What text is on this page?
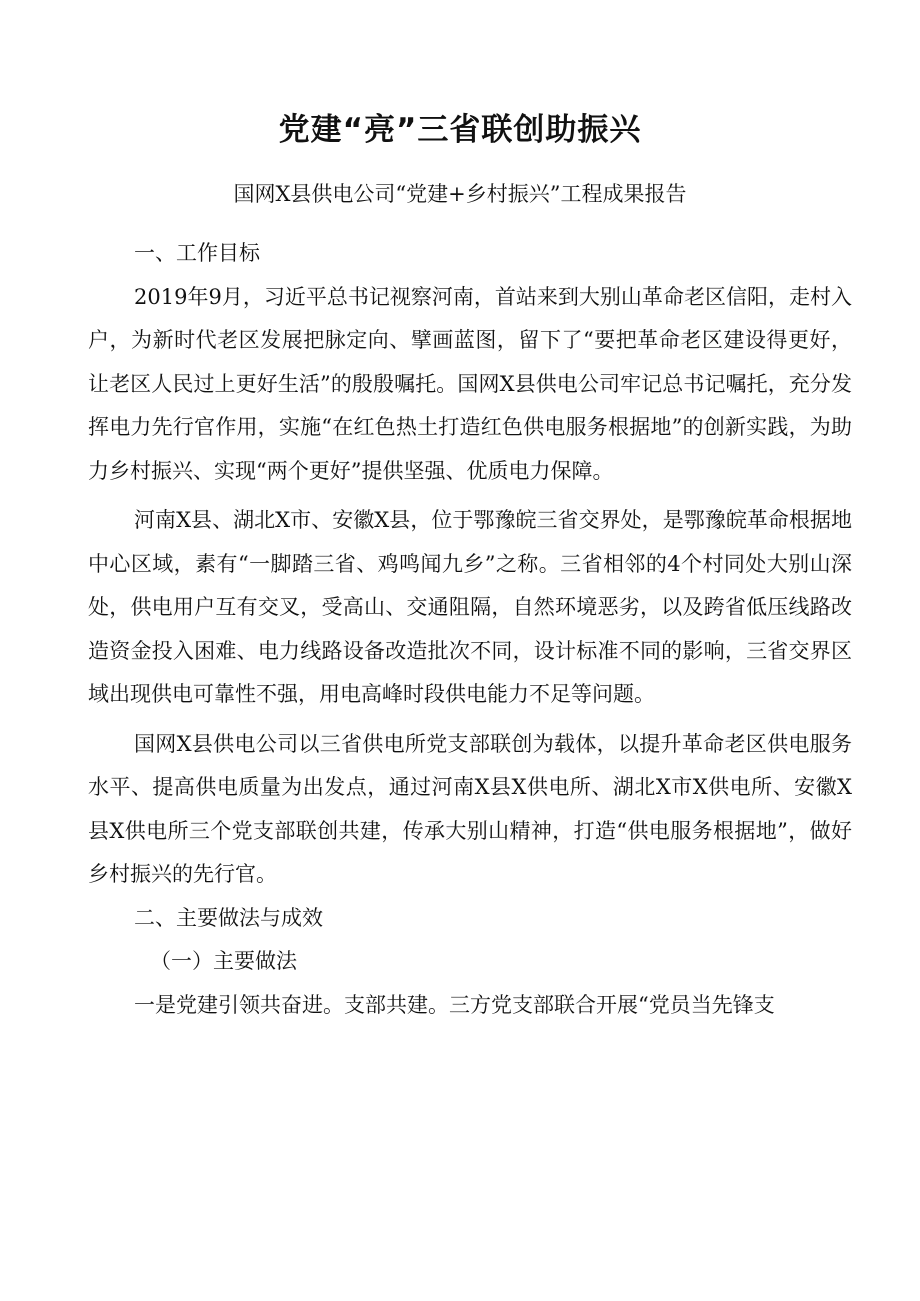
党建“亮”三省联创助振兴
国网X县供电公司“党建+乡村振兴”工程成果报告

一、工作目标

2019年9月，习近平总书记视察河南，首站来到大别山革命老区信阳，走村入户，为新时代老区发展把脉定向、擘画蓝图，留下了“要把革命老区建设得更好，让老区人民过上更好生活”的殷殷嘱托。国网X县供电公司牢记总书记嘱托，充分发挥电力先行官作用，实施“在红色热土打造红色供电服务根据地”的创新实践，为助力乡村振兴、实现“两个更好”提供坚强、优质电力保障。

河南X县、湖北X市、安徽X县，位于鄂豫皖三省交界处，是鄂豫皖革命根据地中心区域，素有“一脚踏三省、鸡鸣闻九乡”之称。三省相邻的4个村同处大别山深处，供电用户互有交叉，受高山、交通阻隔，自然环境恶劣，以及跨省低压线路改造资金投入困难、电力线路设备改造批次不同，设计标准不同的影响，三省交界区域出现供电可靠性不强，用电高峰时段供电能力不足等问题。

国网X县供电公司以三省供电所党支部联创为载体，以提升革命老区供电服务水平、提高供电质量为出发点，通过河南X县X供电所、湖北X市X供电所、安徽X县X供电所三个党支部联创共建，传承大别山精神，打造“供电服务根据地”，做好乡村振兴的先行官。

二、主要做法与成效

（一）主要做法

一是党建引领共奋进。支部共建。三方党支部联合开展“党员当先锋支
